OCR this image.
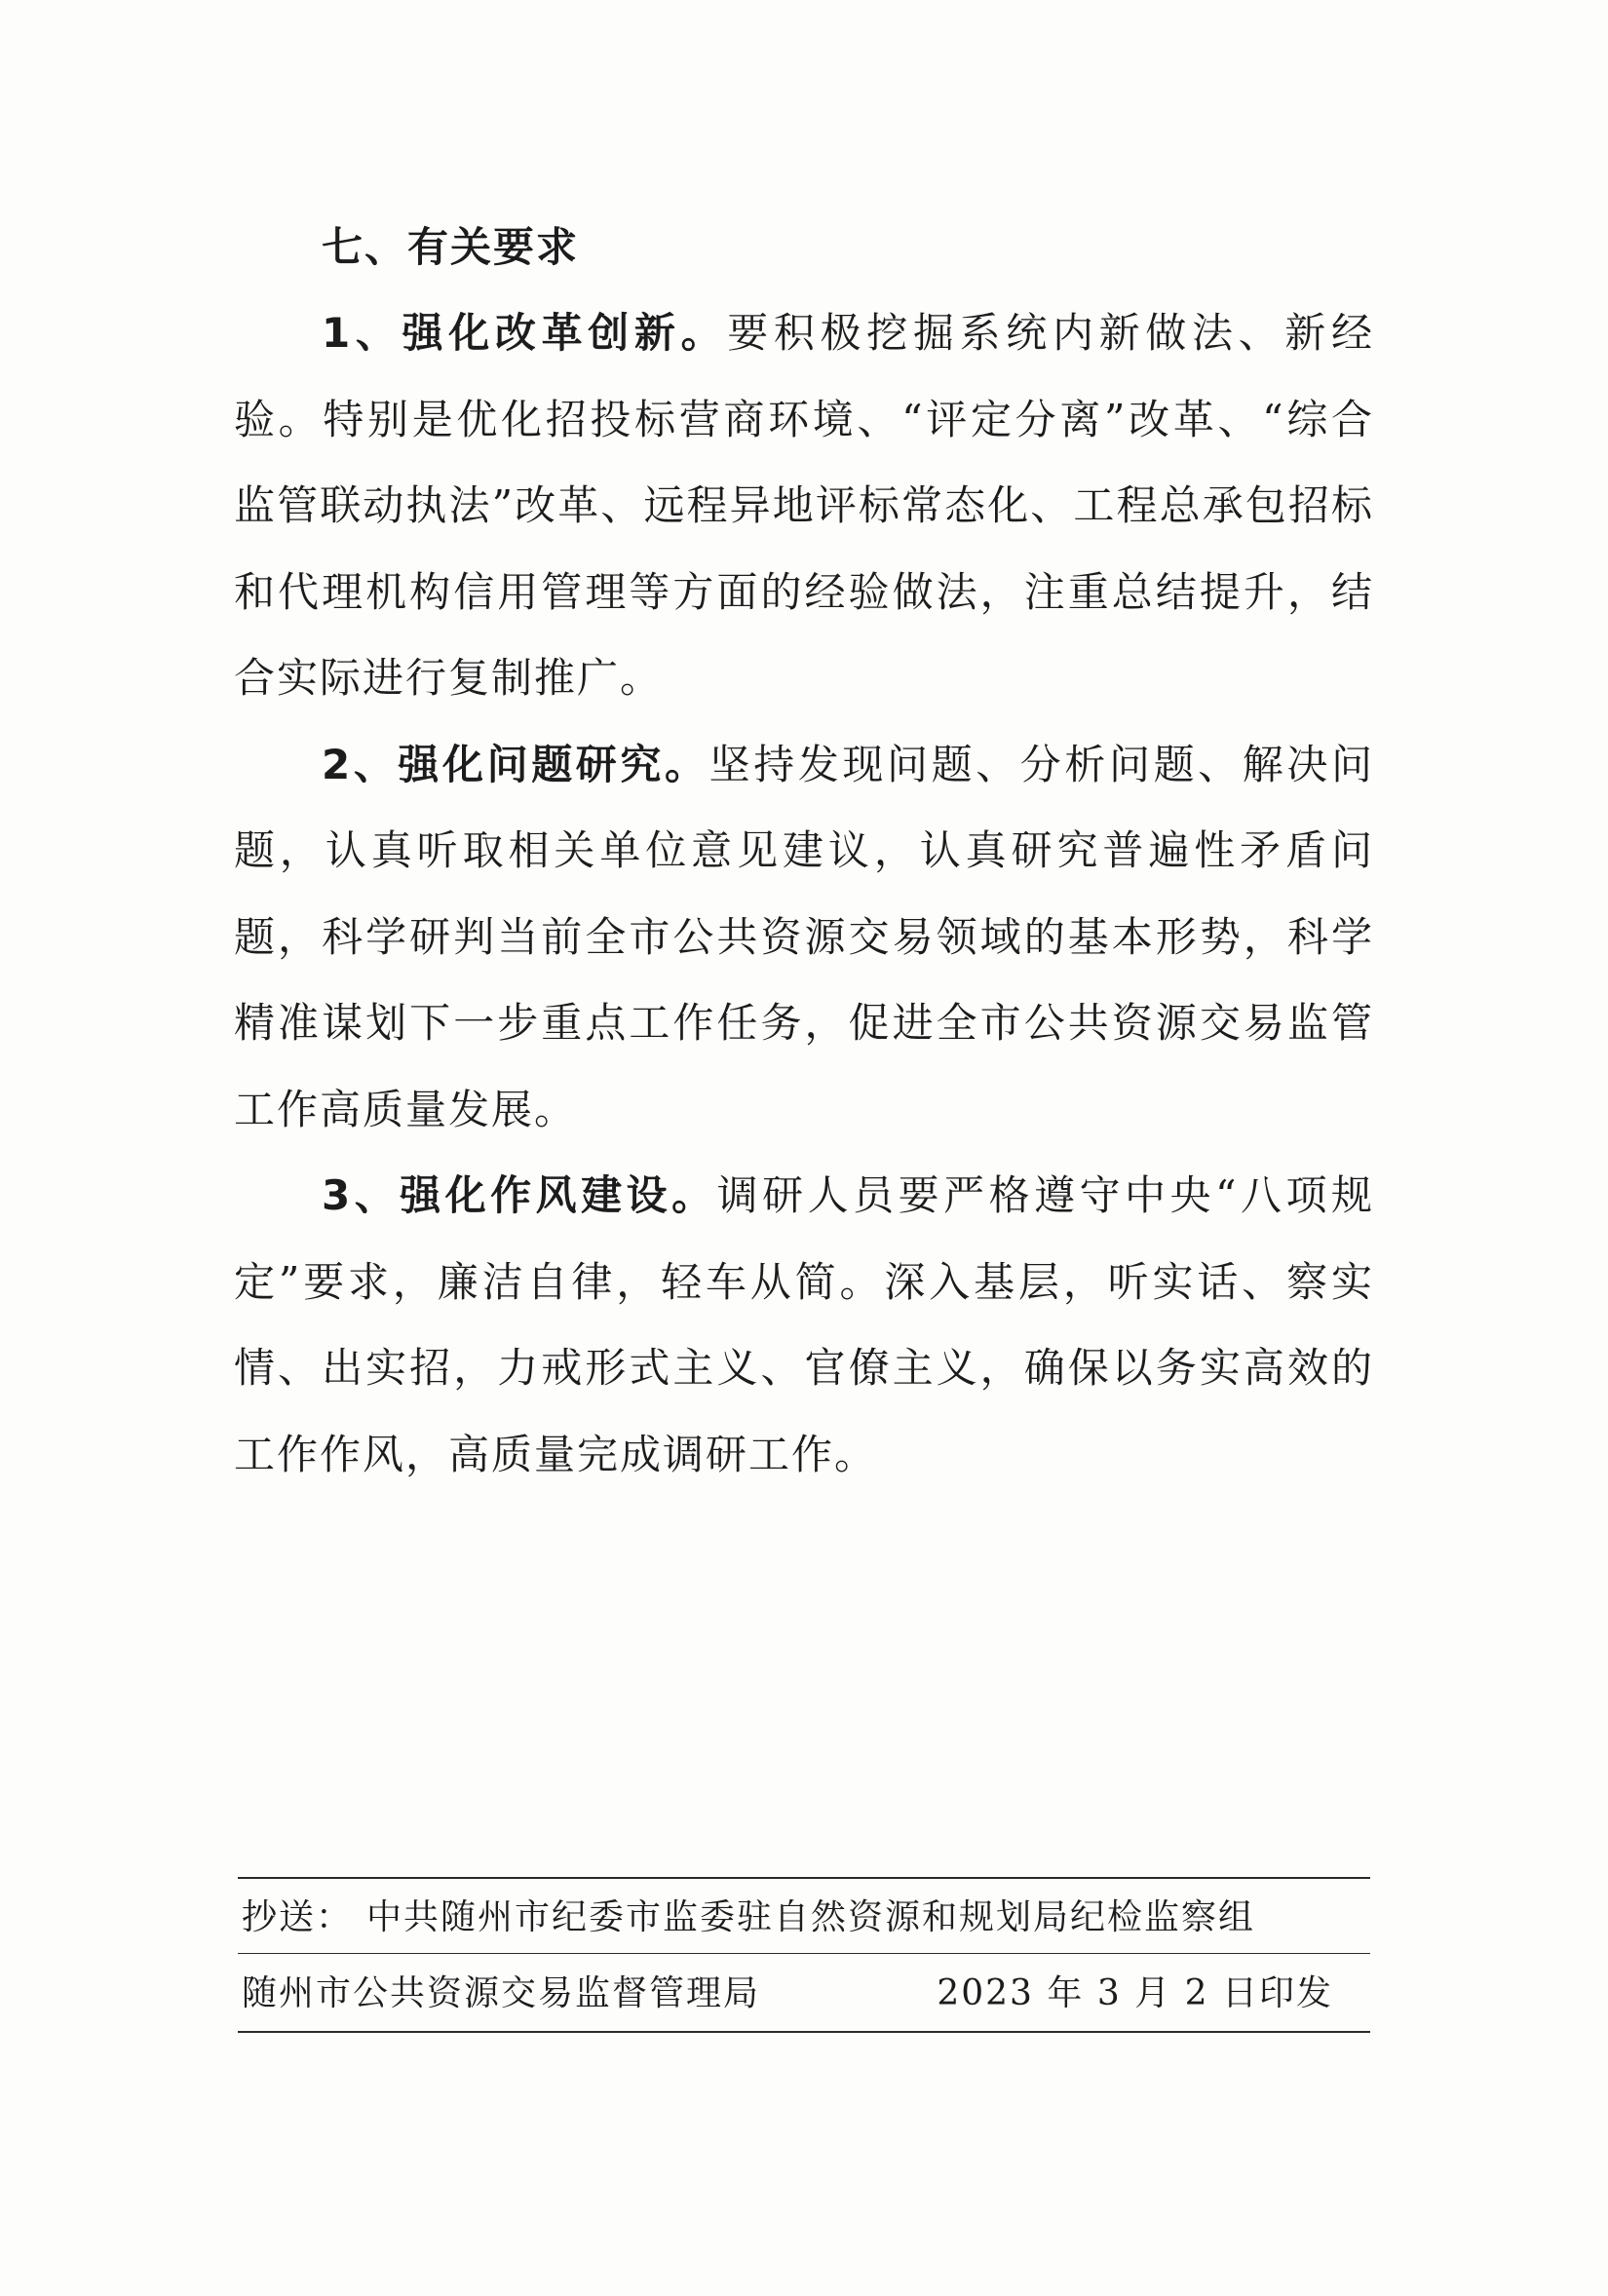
七、有关要求

1、强化改革创新。要积极挖掘系统内新做法、新经验。特别是优化招投标营商环境、“评定分离”改革、“综合监管联动执法”改革、远程异地评标常态化、工程总承包招标和代理机构信用管理等方面的经验做法，注重总结提升，结合实际进行复制推广。

2、强化问题研究。坚持发现问题、分析问题、解决问题，认真听取相关单位意见建议，认真研究普遍性矛盾问题，科学研判当前全市公共资源交易领域的基本形势，科学精准谋划下一步重点工作任务，促进全市公共资源交易监管工作高质量发展。

3、强化作风建设。调研人员要严格遵守中央“八项规定”要求，廉洁自律，轻车从简。深入基层，听实话、察实情、出实招，力戒形式主义、官僚主义，确保以务实高效的工作作风，高质量完成调研工作。

抄送： 中共随州市纪委市监委驻自然资源和规划局纪检监察组
随州市公共资源交易监督管理局	2023 年 3 月 2 日印发
